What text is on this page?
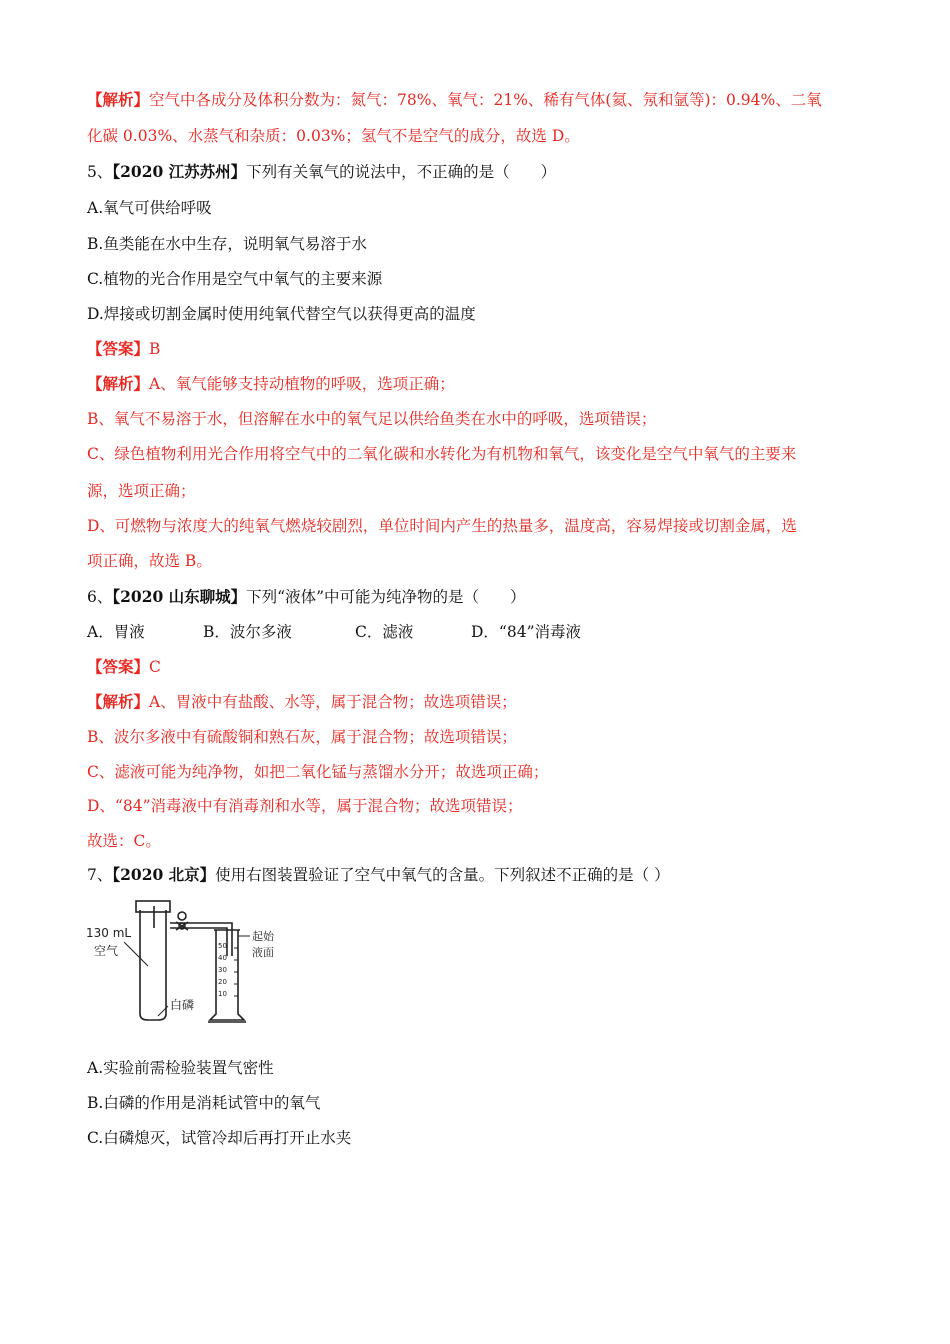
【解析】空气中各成分及体积分数为：氮气：78%、氧气：21%、稀有气体(氦、氖和氩等)：0.94%、二氧
化碳 0.03%、水蒸气和杂质：0.03%；氢气不是空气的成分，故选 D。
5、【2020 江苏苏州】下列有关氧气的说法中，不正确的是（　　）
A.氧气可供给呼吸
B.鱼类能在水中生存，说明氧气易溶于水
C.植物的光合作用是空气中氧气的主要来源
D.焊接或切割金属时使用纯氧代替空气以获得更高的温度
【答案】B
【解析】A、氧气能够支持动植物的呼吸，选项正确；
B、氧气不易溶于水，但溶解在水中的氧气足以供给鱼类在水中的呼吸，选项错误；
C、绿色植物利用光合作用将空气中的二氧化碳和水转化为有机物和氧气，该变化是空气中氧气的主要来
源，选项正确；
D、可燃物与浓度大的纯氧气燃烧较剧烈，单位时间内产生的热量多，温度高，容易焊接或切割金属，选
项正确，故选 B。
6、【2020 山东聊城】下列“液体”中可能为纯净物的是（　　）
A．胃液	B．波尔多液	C．滤液	D．“84”消毒液
【答案】C
【解析】A、胃液中有盐酸、水等，属于混合物；故选项错误；
B、波尔多液中有硫酸铜和熟石灰，属于混合物；故选项错误；
C、滤液可能为纯净物，如把二氧化锰与蒸馏水分开；故选项正确；
D、“84”消毒液中有消毒剂和水等，属于混合物；故选项错误；
故选：C。
7、【2020 北京】使用右图装置验证了空气中氧气的含量。下列叙述不正确的是（ ）
130 mL
空气
白磷
起始
液面
50
40
30
20
10
A.实验前需检验装置气密性
B.白磷的作用是消耗试管中的氧气
C.白磷熄灭，试管冷却后再打开止水夹
